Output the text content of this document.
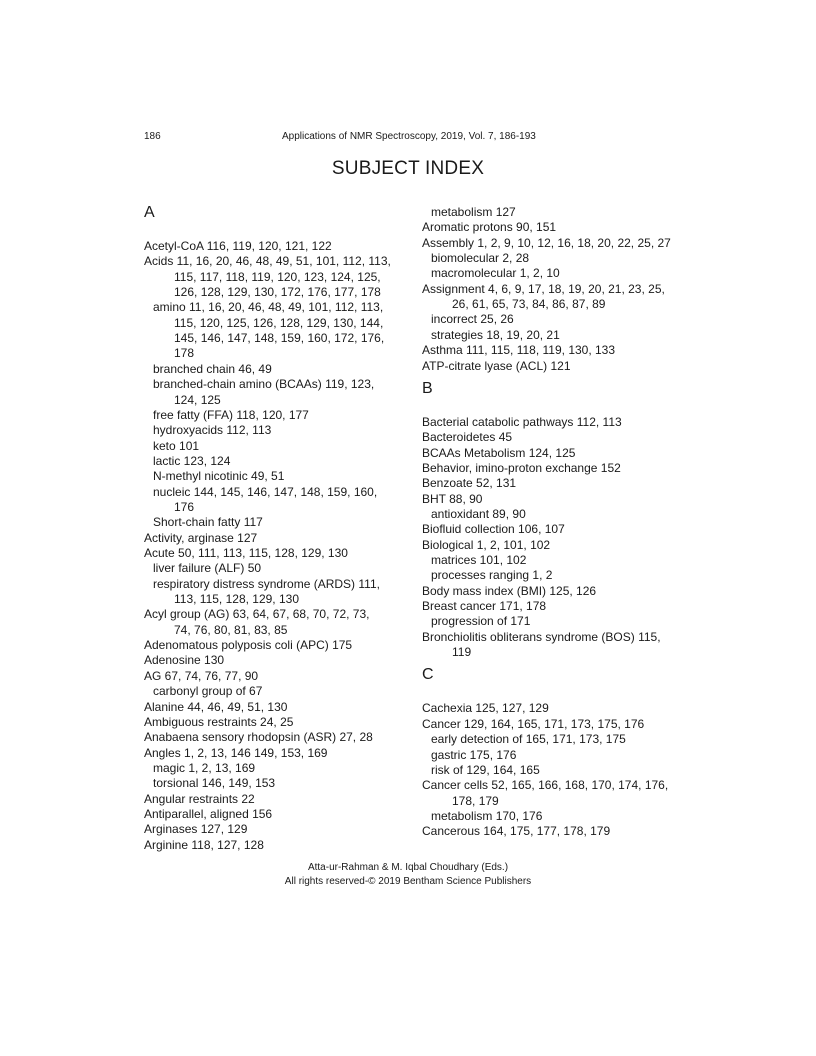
186	Applications of NMR Spectroscopy, 2019, Vol. 7, 186-193
SUBJECT INDEX
A
Acetyl-CoA 116, 119, 120, 121, 122
Acids 11, 16, 20, 46, 48, 49, 51, 101, 112, 113,
115, 117, 118, 119, 120, 123, 124, 125,
126, 128, 129, 130, 172, 176, 177, 178
amino 11, 16, 20, 46, 48, 49, 101, 112, 113,
115, 120, 125, 126, 128, 129, 130, 144,
145, 146, 147, 148, 159, 160, 172, 176,
178
branched chain 46, 49
branched-chain amino (BCAAs) 119, 123,
124, 125
free fatty (FFA) 118, 120, 177
hydroxyacids 112, 113
keto 101
lactic 123, 124
N-methyl nicotinic 49, 51
nucleic 144, 145, 146, 147, 148, 159, 160,
176
Short-chain fatty 117
Activity, arginase 127
Acute 50, 111, 113, 115, 128, 129, 130
liver failure (ALF) 50
respiratory distress syndrome (ARDS) 111,
113, 115, 128, 129, 130
Acyl group (AG) 63, 64, 67, 68, 70, 72, 73,
74, 76, 80, 81, 83, 85
Adenomatous polyposis coli (APC) 175
Adenosine 130
AG 67, 74, 76, 77, 90
carbonyl group of 67
Alanine 44, 46, 49, 51, 130
Ambiguous restraints 24, 25
Anabaena sensory rhodopsin (ASR) 27, 28
Angles 1, 2, 13, 146 149, 153, 169
magic 1, 2, 13, 169
torsional 146, 149, 153
Angular restraints 22
Antiparallel, aligned 156
Arginases 127, 129
Arginine 118, 127, 128
metabolism 127
Aromatic protons 90, 151
Assembly 1, 2, 9, 10, 12, 16, 18, 20, 22, 25, 27
biomolecular 2, 28
macromolecular 1, 2, 10
Assignment 4, 6, 9, 17, 18, 19, 20, 21, 23, 25,
26, 61, 65, 73, 84, 86, 87, 89
incorrect 25, 26
strategies 18, 19, 20, 21
Asthma 111, 115, 118, 119, 130, 133
ATP-citrate lyase (ACL) 121
B
Bacterial catabolic pathways 112, 113
Bacteroidetes 45
BCAAs Metabolism 124, 125
Behavior, imino-proton exchange 152
Benzoate 52, 131
BHT 88, 90
antioxidant 89, 90
Biofluid collection 106, 107
Biological 1, 2, 101, 102
matrices 101, 102
processes ranging 1, 2
Body mass index (BMI) 125, 126
Breast cancer 171, 178
progression of 171
Bronchiolitis obliterans syndrome (BOS) 115,
119
C
Cachexia 125, 127, 129
Cancer 129, 164, 165, 171, 173, 175, 176
early detection of 165, 171, 173, 175
gastric 175, 176
risk of 129, 164, 165
Cancer cells 52, 165, 166, 168, 170, 174, 176,
178, 179
metabolism 170, 176
Cancerous 164, 175, 177, 178, 179
Atta-ur-Rahman & M. Iqbal Choudhary (Eds.)
All rights reserved-© 2019 Bentham Science Publishers
